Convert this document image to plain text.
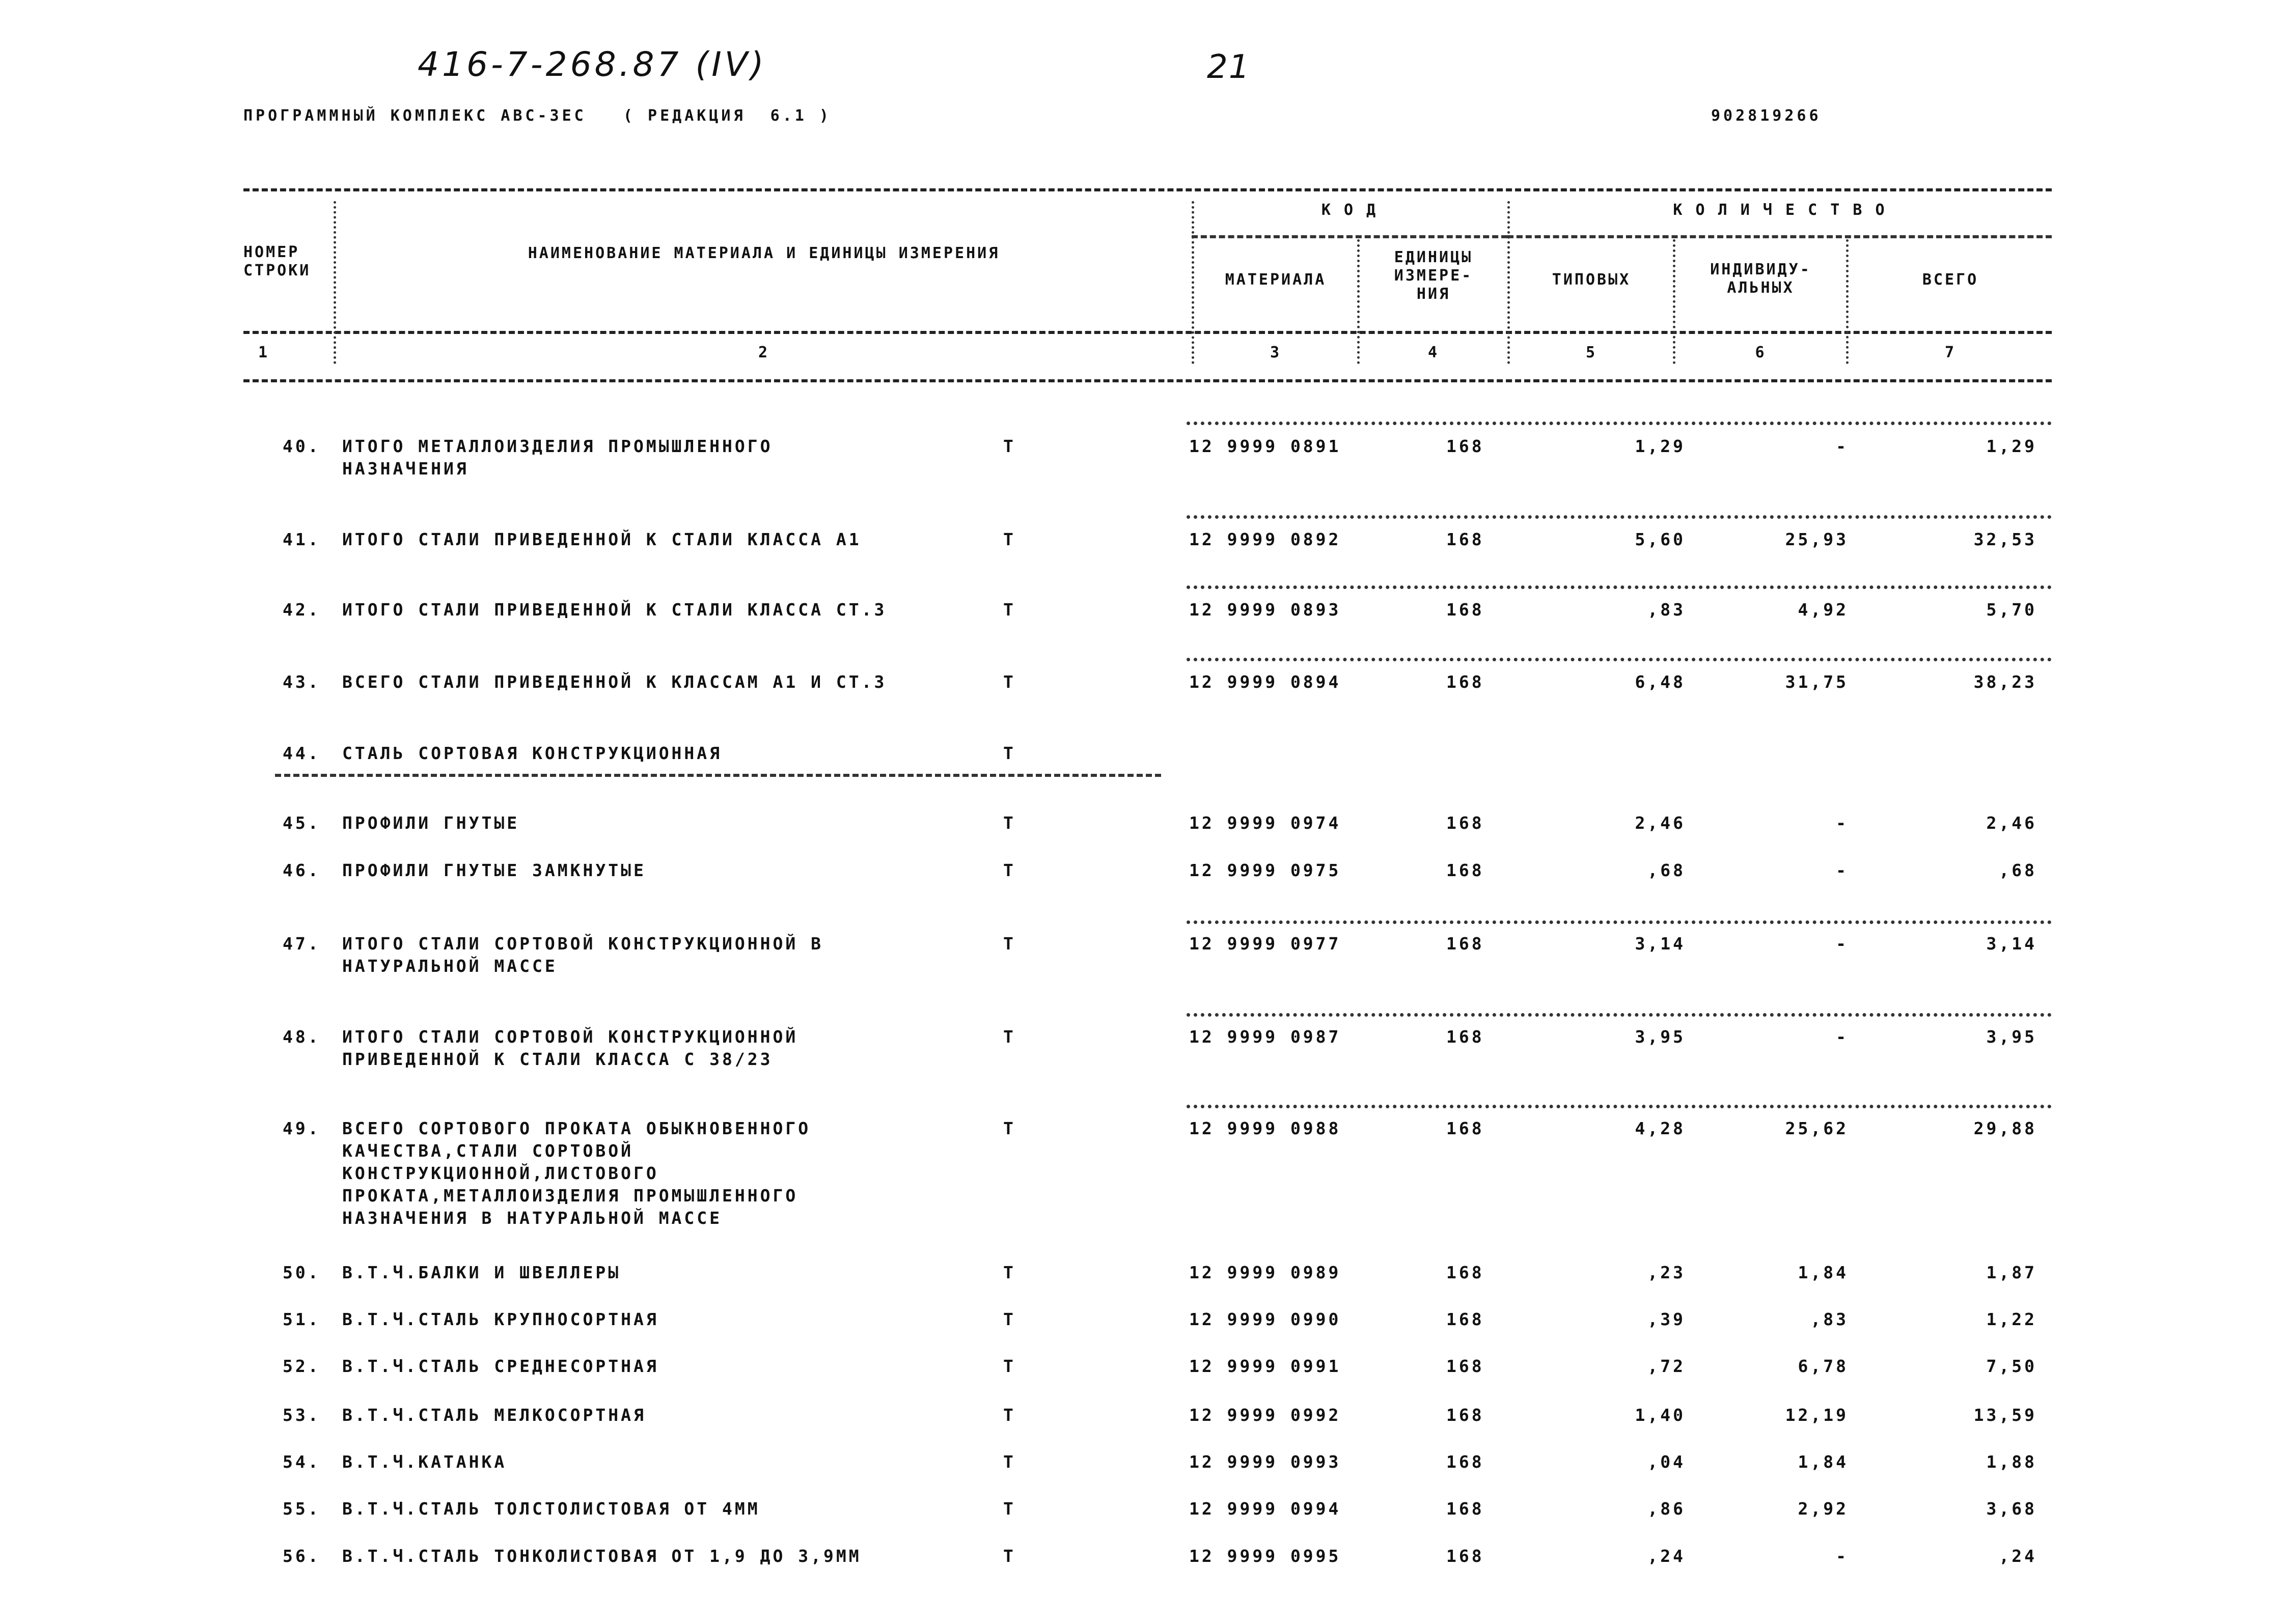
416-7-268.87 (IV)	21
ПРОГРАММНЫЙ КОМПЛЕКС АВС-3ЕС   ( РЕДАКЦИЯ  6.1 )	902819266
НОМЕР
СТРОКИ
НАИМЕНОВАНИЕ МАТЕРИАЛА И ЕДИНИЦЫ ИЗМЕРЕНИЯ
К О Д	К О Л И Ч Е С Т В О
МАТЕРИАЛА
ЕДИНИЦЫ
ИЗМЕРЕ-
НИЯ
ТИПОВЫХ
ИНДИВИДУ-
АЛЬНЫХ	ВСЕГО
1	2	3	4	5	6	7
40. ИТОГО МЕТАЛЛОИЗДЕЛИЯ ПРОМЫШЛЕННОГО
НАЗНАЧЕНИЯ
Т	12 9999 0891	168	1,29	-	1,29
41. ИТОГО СТАЛИ ПРИВЕДЕННОЙ К СТАЛИ КЛАССА А1	Т	12 9999 0892	168	5,60	25,93	32,53
42. ИТОГО СТАЛИ ПРИВЕДЕННОЙ К СТАЛИ КЛАССА СТ.3	Т	12 9999 0893	168	,83	4,92	5,70
43. ВСЕГО СТАЛИ ПРИВЕДЕННОЙ К КЛАССАМ А1 И СТ.3	Т	12 9999 0894	168	6,48	31,75	38,23
44. СТАЛЬ СОРТОВАЯ КОНСТРУКЦИОННАЯ	Т
45. ПРОФИЛИ ГНУТЫЕ	Т	12 9999 0974	168	2,46	-	2,46
46. ПРОФИЛИ ГНУТЫЕ ЗАМКНУТЫЕ	Т	12 9999 0975	168	,68	-	,68
47. ИТОГО СТАЛИ СОРТОВОЙ КОНСТРУКЦИОННОЙ В
НАТУРАЛЬНОЙ МАССЕ
Т	12 9999 0977	168	3,14	-	3,14
48. ИТОГО СТАЛИ СОРТОВОЙ КОНСТРУКЦИОННОЙ
ПРИВЕДЕННОЙ К СТАЛИ КЛАССА С 38/23
Т	12 9999 0987	168	3,95	-	3,95
49. ВСЕГО СОРТОВОГО ПРОКАТА ОБЫКНОВЕННОГО
КАЧЕСТВА,СТАЛИ СОРТОВОЙ
КОНСТРУКЦИОННОЙ,ЛИСТОВОГО
ПРОКАТА,МЕТАЛЛОИЗДЕЛИЯ ПРОМЫШЛЕННОГО
НАЗНАЧЕНИЯ В НАТУРАЛЬНОЙ МАССЕ
Т	12 9999 0988	168	4,28	25,62	29,88
50. В.Т.Ч.БАЛКИ И ШВЕЛЛЕРЫ	Т	12 9999 0989	168	,23	1,84	1,87
51. В.Т.Ч.СТАЛЬ КРУПНОСОРТНАЯ	Т	12 9999 0990	168	,39	,83	1,22
52. В.Т.Ч.СТАЛЬ СРЕДНЕСОРТНАЯ	Т	12 9999 0991	168	,72	6,78	7,50
53. В.Т.Ч.СТАЛЬ МЕЛКОСОРТНАЯ	Т	12 9999 0992	168	1,40	12,19	13,59
54. В.Т.Ч.КАТАНКА	Т	12 9999 0993	168	,04	1,84	1,88
55. В.Т.Ч.СТАЛЬ ТОЛСТОЛИСТОВАЯ ОТ 4ММ	Т	12 9999 0994	168	,86	2,92	3,68
56. В.Т.Ч.СТАЛЬ ТОНКОЛИСТОВАЯ ОТ 1,9 ДО 3,9ММ	Т	12 9999 0995	168	,24	-	,24
